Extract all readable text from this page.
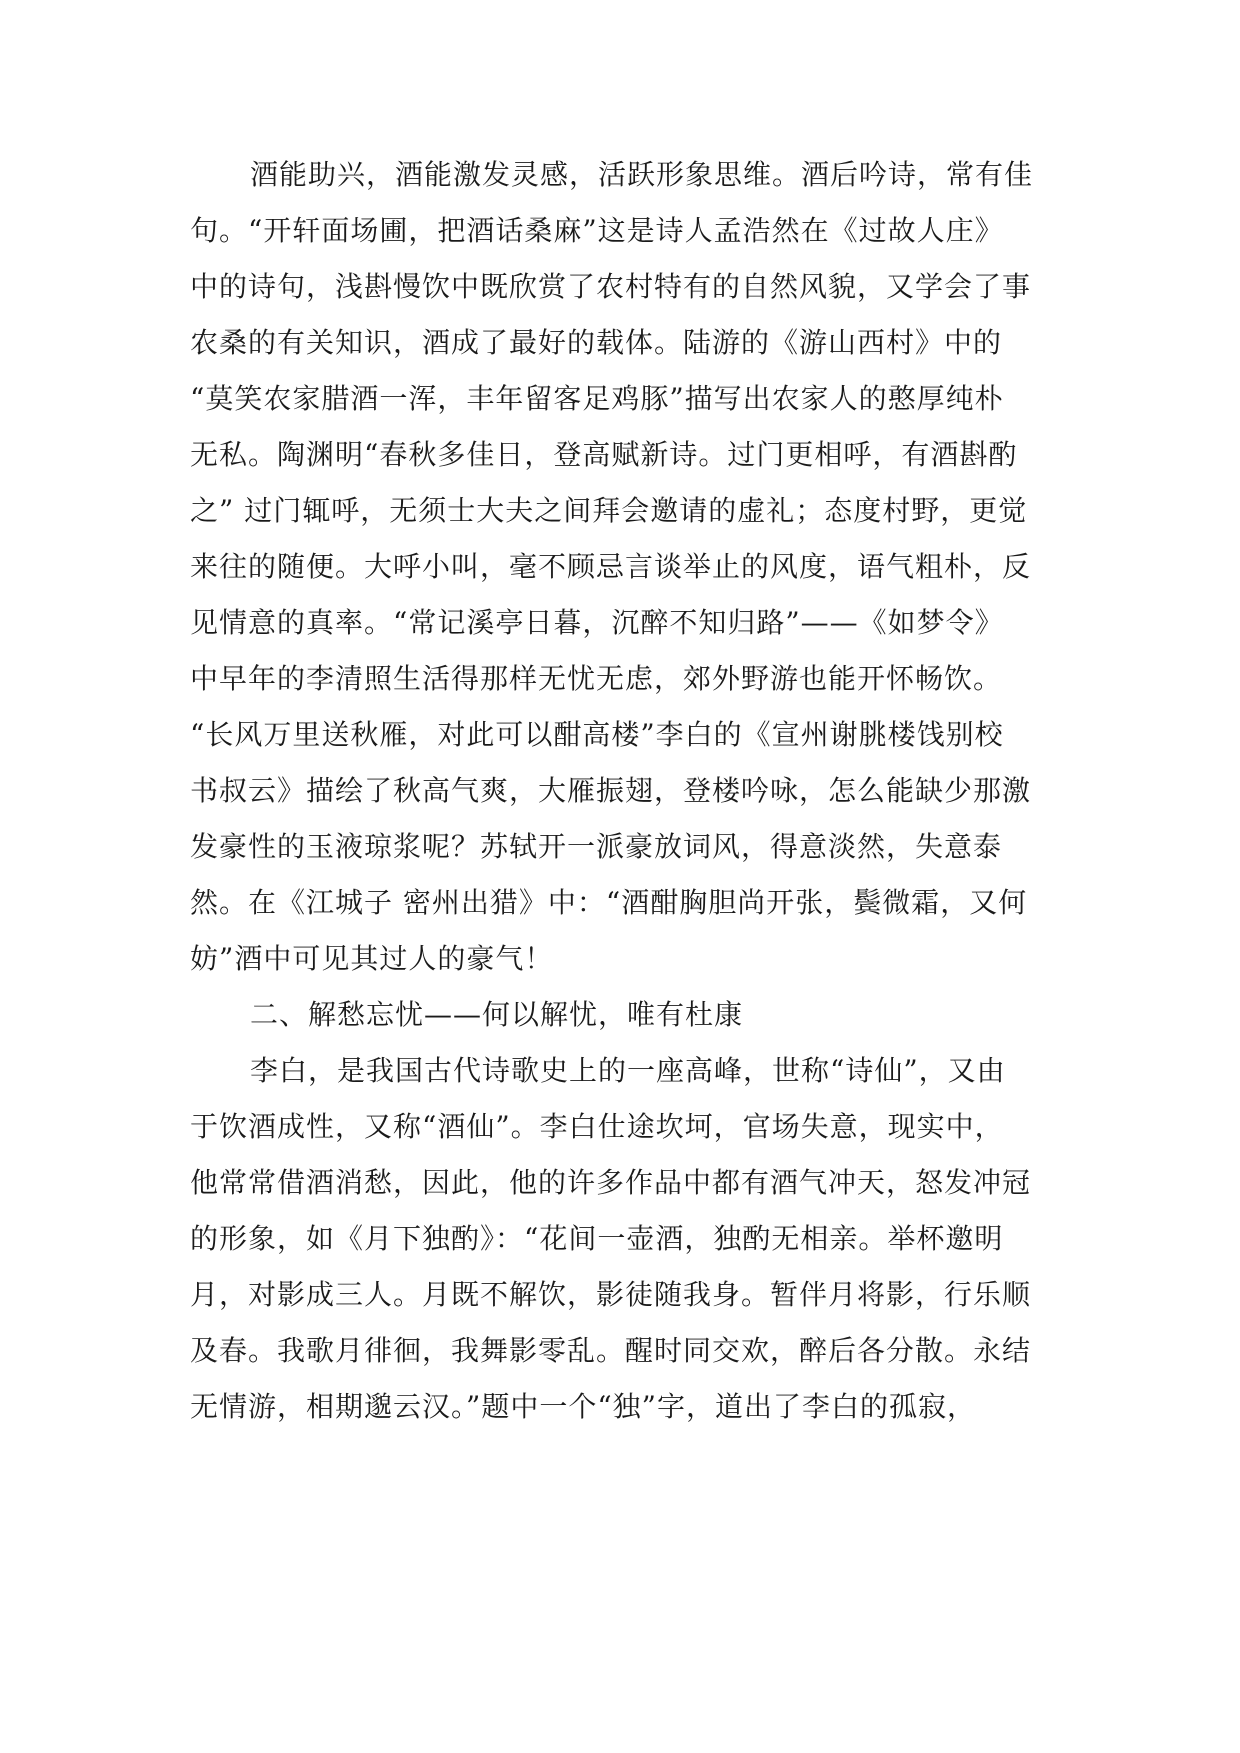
酒能助兴，酒能激发灵感，活跃形象思维。酒后吟诗，常有佳
句。“开轩面场圃，把酒话桑麻”这是诗人孟浩然在《过故人庄》
中的诗句，浅斟慢饮中既欣赏了农村特有的自然风貌，又学会了事
农桑的有关知识，酒成了最好的载体。陆游的《游山西村》中的
“莫笑农家腊酒一浑，丰年留客足鸡豚”描写出农家人的憨厚纯朴
无私。陶渊明“春秋多佳日，登高赋新诗。过门更相呼，有酒斟酌
之” 过门辄呼，无须士大夫之间拜会邀请的虚礼；态度村野，更觉
来往的随便。大呼小叫，毫不顾忌言谈举止的风度，语气粗朴，反
见情意的真率。“常记溪亭日暮，沉醉不知归路”——《如梦令》
中早年的李清照生活得那样无忧无虑，郊外野游也能开怀畅饮。
“长风万里送秋雁，对此可以酣高楼”李白的《宣州谢朓楼饯别校
书叔云》描绘了秋高气爽，大雁振翅，登楼吟咏，怎么能缺少那激
发豪性的玉液琼浆呢？苏轼开一派豪放词风，得意淡然，失意泰
然。在《江城子 密州出猎》中：“酒酣胸胆尚开张，鬓微霜，又何
妨”酒中可见其过人的豪气！
二、解愁忘忧——何以解忧，唯有杜康
李白，是我国古代诗歌史上的一座高峰，世称“诗仙”，又由
于饮酒成性，又称“酒仙”。李白仕途坎坷，官场失意，现实中，
他常常借酒消愁，因此，他的许多作品中都有酒气冲天，怒发冲冠
的形象，如《月下独酌》：“花间一壶酒，独酌无相亲。举杯邀明
月，对影成三人。月既不解饮，影徒随我身。暂伴月将影，行乐顺
及春。我歌月徘徊，我舞影零乱。醒时同交欢，醉后各分散。永结
无情游，相期邈云汉。”题中一个“独”字，道出了李白的孤寂，
